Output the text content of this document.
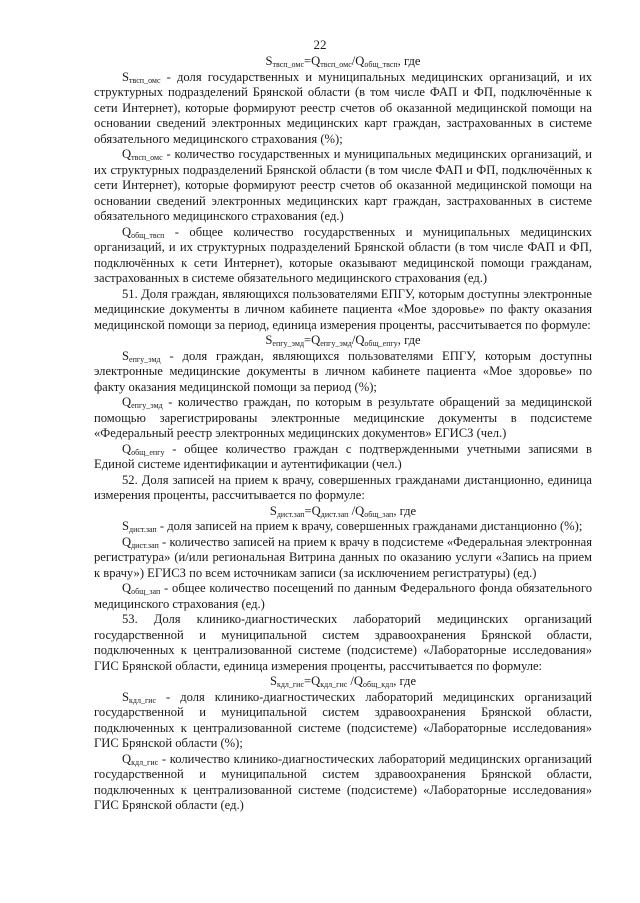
22

$S_{твсп\_омс}=Q_{твсп\_омс}/Q_{общ\_твсп}$, где

$S_{твсп\_омс}$ - доля государственных и муниципальных медицинских организаций, и их структурных подразделений Брянской области (в том числе ФАП и ФП, подключённые к сети Интернет), которые формируют реестр счетов об оказанной медицинской помощи на основании сведений электронных медицинских карт граждан, застрахованных в системе обязательного медицинского страхования (%);

$Q_{твсп\_омс}$ - количество государственных и муниципальных медицинских организаций, и их структурных подразделений Брянской области (в том числе ФАП и ФП, подключённых к сети Интернет), которые формируют реестр счетов об оказанной медицинской помощи на основании сведений электронных медицинских карт граждан, застрахованных в системе обязательного медицинского страхования (ед.)

$Q_{общ\_твсп}$ - общее количество государственных и муниципальных медицинских организаций, и их структурных подразделений Брянской области (в том числе ФАП и ФП, подключённых к сети Интернет), которые оказывают медицинской помощи гражданам, застрахованных в системе обязательного медицинского страхования (ед.)

51. Доля граждан, являющихся пользователями ЕПГУ, которым доступны электронные медицинские документы в личном кабинете пациента «Мое здоровье» по факту оказания медицинской помощи за период, единица измерения проценты, рассчитывается по формуле:

$S_{епгу\_эмд}=Q_{епгу\_эмд}/Q_{общ\_епгу}$, где

$S_{епгу\_эмд}$ - доля граждан, являющихся пользователями ЕПГУ, которым доступны электронные медицинские документы в личном кабинете пациента «Мое здоровье» по факту оказания медицинской помощи за период (%);

$Q_{епгу\_эмд}$ - количество граждан, по которым в результате обращений за медицинской помощью зарегистрированы электронные медицинские документы в подсистеме «Федеральный реестр электронных медицинских документов» ЕГИСЗ (чел.)

$Q_{общ\_епгу}$ - общее количество граждан с подтвержденными учетными записями в Единой системе идентификации и аутентификации (чел.)

52. Доля записей на прием к врачу, совершенных гражданами дистанционно, единица измерения проценты, рассчитывается по формуле:

$S_{дист.зап}=Q_{дист.зап}$ $/Q_{общ\_зап}$, где

$S_{дист.зап}$ - доля записей на прием к врачу, совершенных гражданами дистанционно (%);

$Q_{дист.зап}$ - количество записей на прием к врачу в подсистеме «Федеральная электронная регистратура» (и/или региональная Витрина данных по оказанию услуги «Запись на прием к врачу») ЕГИСЗ по всем источникам записи (за исключением регистратуры) (ед.)

$Q_{общ\_зап}$ - общее количество посещений по данным Федерального фонда обязательного медицинского страхования (ед.)

53. Доля клинико-диагностических лабораторий медицинских организаций государственной и муниципальной систем здравоохранения Брянской области, подключенных к централизованной системе (подсистеме) «Лабораторные исследования» ГИС Брянской области, единица измерения проценты, рассчитывается по формуле:

$S_{кдл\_гис}=Q_{кдл\_гис}$ $/Q_{общ\_кдл}$, где

$S_{кдл\_гис}$ - доля клинико-диагностических лабораторий медицинских организаций государственной и муниципальной систем здравоохранения Брянской области, подключенных к централизованной системе (подсистеме) «Лабораторные исследования» ГИС Брянской области (%);

$Q_{кдл\_гис}$ - количество клинико-диагностических лабораторий медицинских организаций государственной и муниципальной систем здравоохранения Брянской области, подключенных к централизованной системе (подсистеме) «Лабораторные исследования» ГИС Брянской области (ед.)
